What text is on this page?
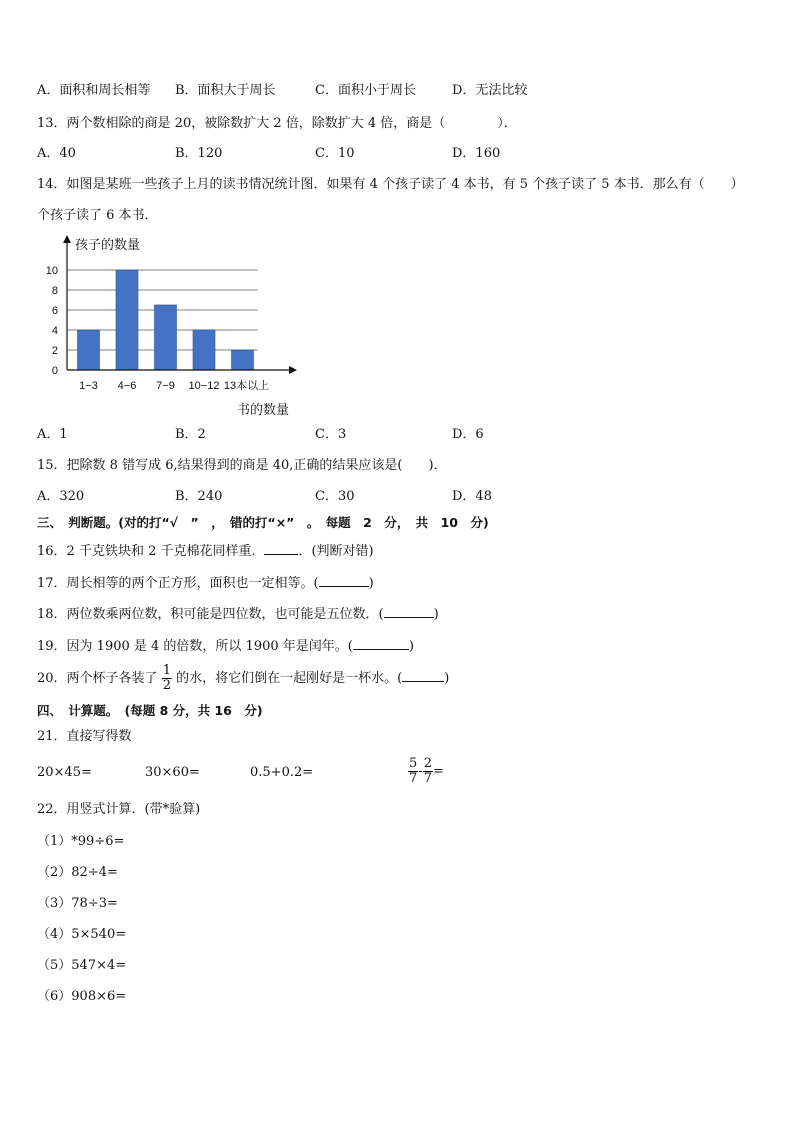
A．面积和周长相等 B．面积大于周长	C．面积小于周长	D．无法比较
13．两个数相除的商是 20，被除数扩大 2 倍，除数扩大 4 倍，商是（　　　　）．
A．40	B．120	C．10	D．160
14．如图是某班一些孩子上月的读书情况统计图．如果有 4 个孩子读了 4 本书，有 5 个孩子读了 5 本书．那么有（　　）
个孩子读了 6 本书．
0
2
4
6
8
10
1−3 4−6 7−9 10−12 13本以上
孩子的数量
书的数量
A．1	B．2	C．3	D．6
15．把除数 8 错写成 6,结果得到的商是 40,正确的结果应该是(　　)．
A．320	B．240	C．30	D．48
三、　判断题。(对的打“√　”　，　错的打“×”　。　每题　2　分，　共　10　分)
16．2 千克铁块和 2 千克棉花同样重．	．(判断对错)
17．周长相等的两个正方形，面积也一定相等。(	)
18．两位数乘两位数，积可能是四位数，也可能是五位数．(	)
19．因为 1900 是 4 的倍数，所以 1900 年是闰年。(	)
20．两个杯子各装了 $\frac{1}{2}$ 的水，将它们倒在一起刚好是一杯水。(	)
四、　计算题。　(每题 8 分，共 16　分)
21．直接写得数
20×45=	30×60=	0.5+0.2=	$\frac{5}{7} - \frac{2}{7}$ =
22．用竖式计算．(带*验算)
（1）*99÷6=
（2）82÷4=
（3）78÷3=
（4）5×540=
（5）547×4=
（6）908×6=
